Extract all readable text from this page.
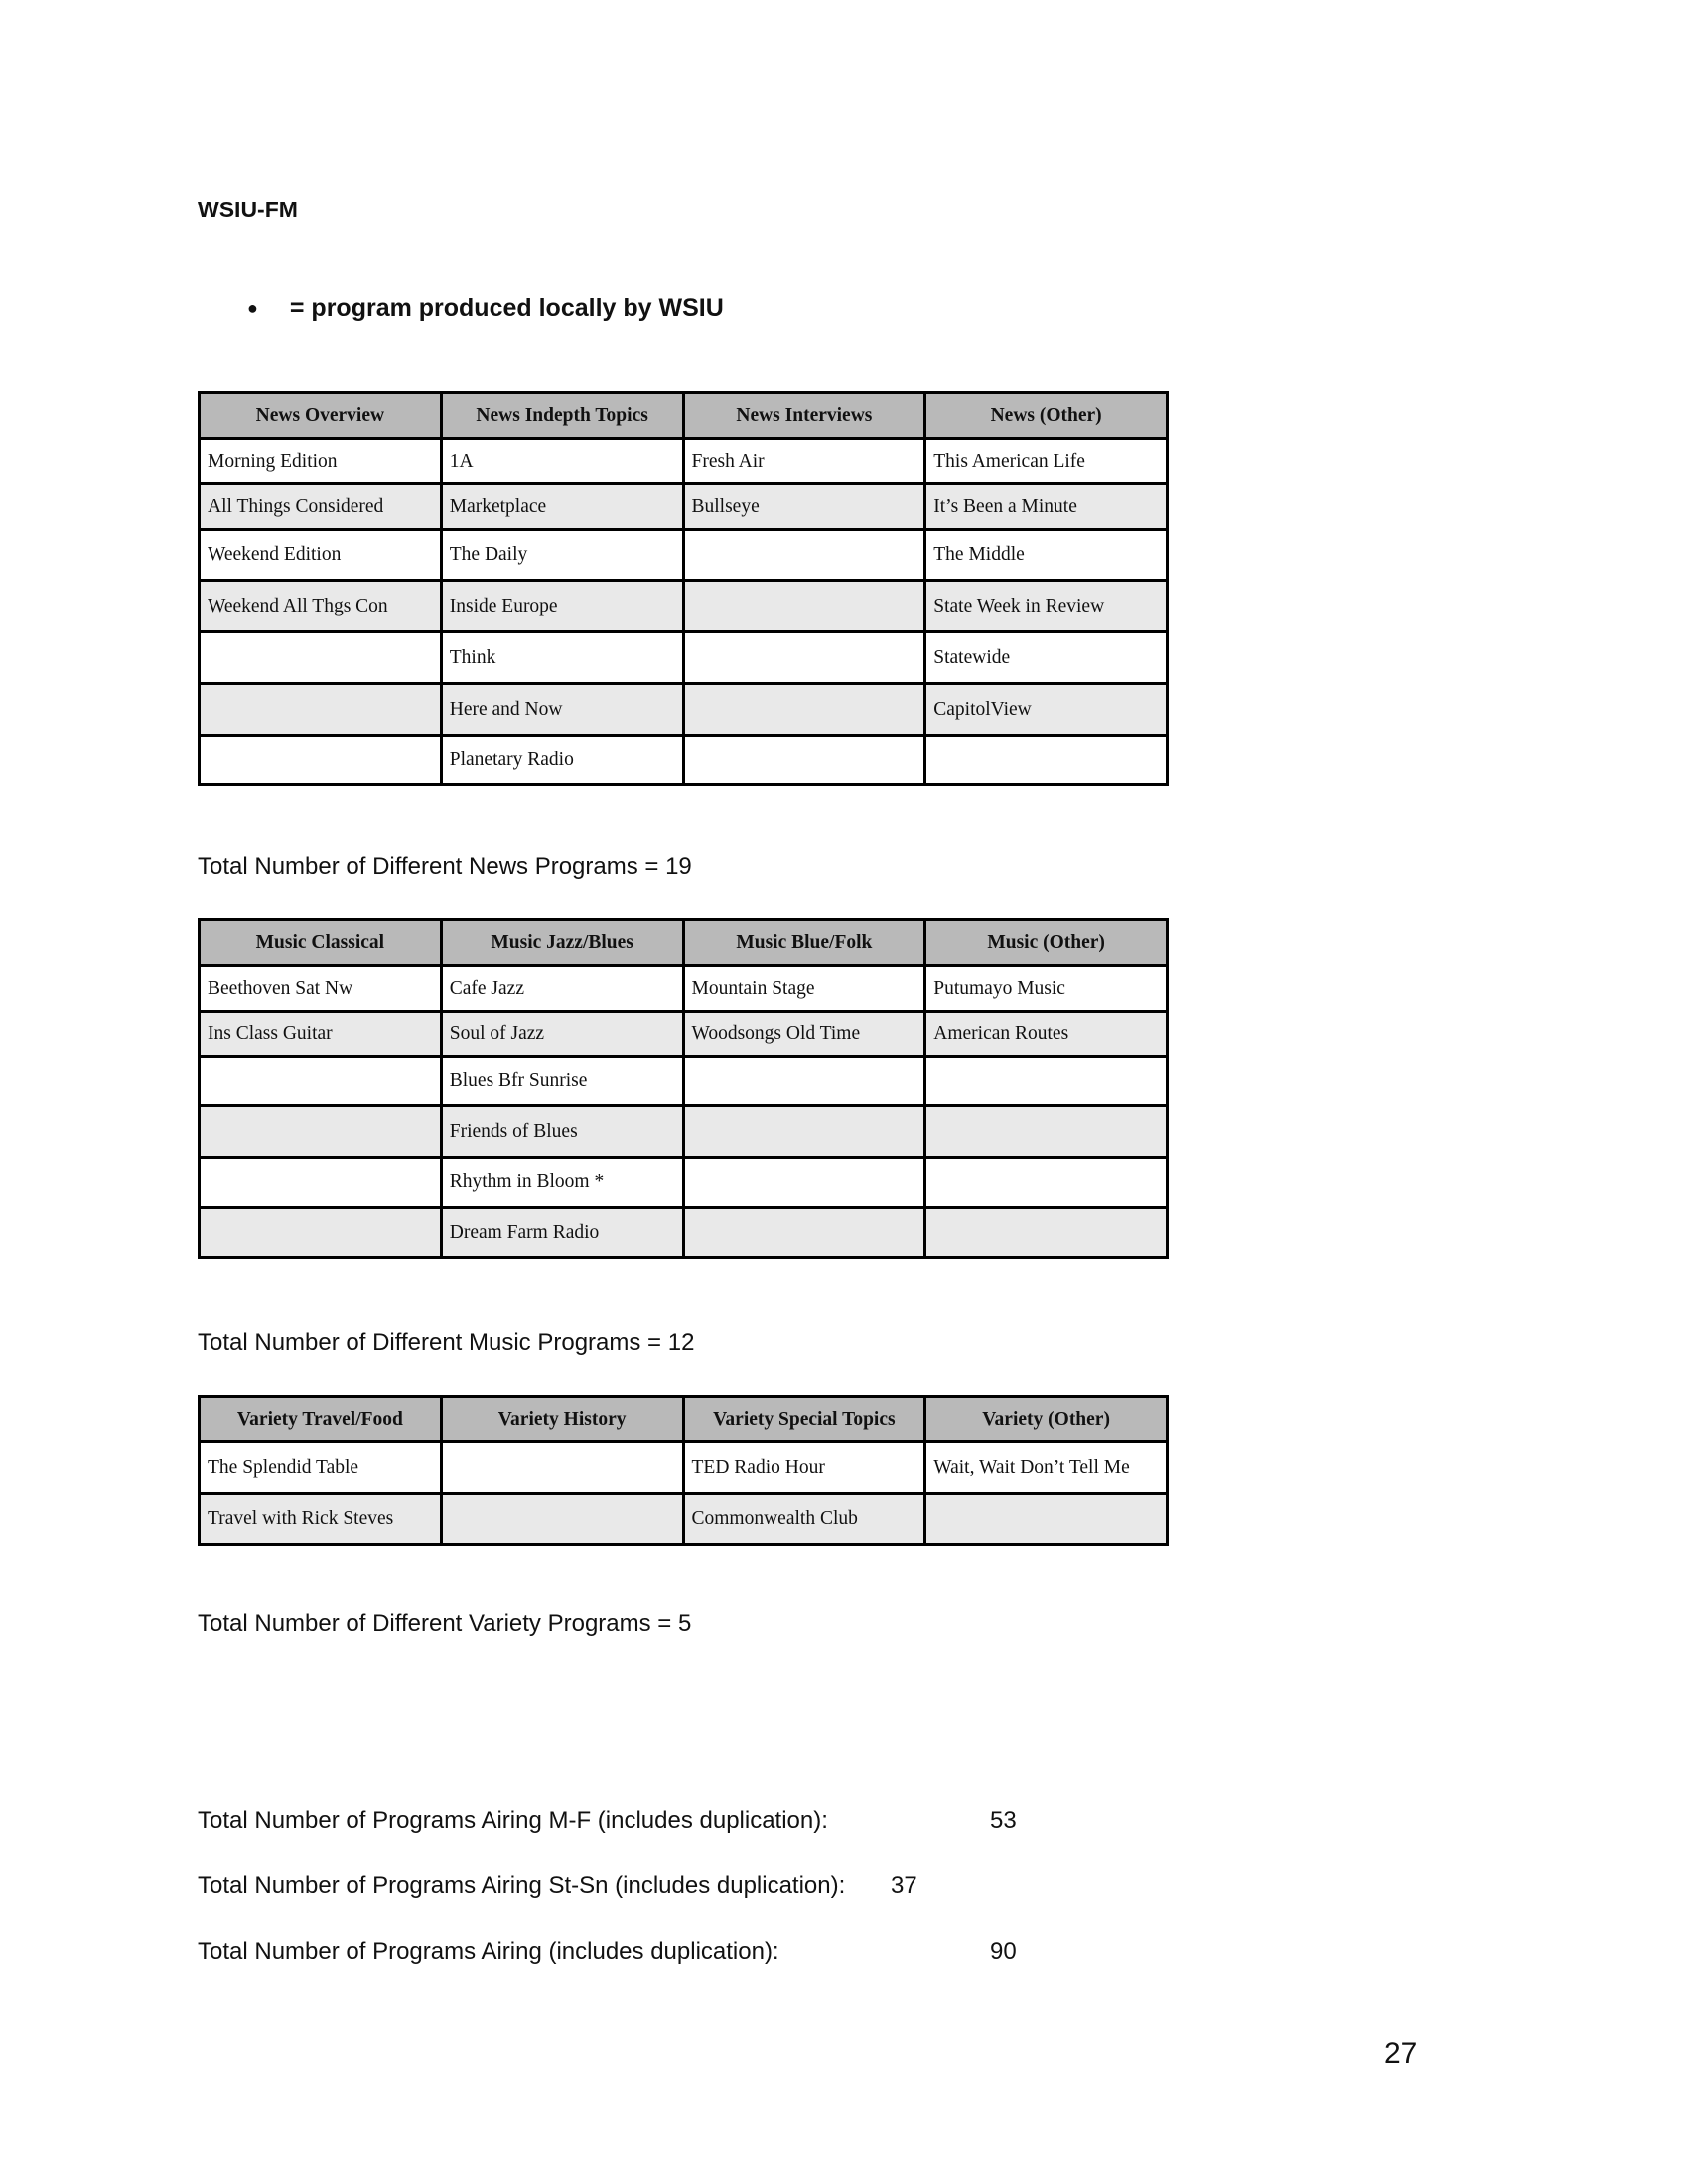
WSIU-FM
● = program produced locally by WSIU
News Overview	News Indepth Topics	News Interviews	News (Other)
Morning Edition	1A	Fresh Air	This American Life
All Things Considered	Marketplace	Bullseye	It’s Been a Minute
Weekend Edition	The Daily		The Middle
Weekend All Thgs Con	Inside Europe		State Week in Review
	Think		Statewide
	Here and Now		CapitolView
	Planetary Radio		
Total Number of Different News Programs = 19
Music Classical	Music Jazz/Blues	Music Blue/Folk	Music (Other)
Beethoven Sat Nw	Cafe Jazz	Mountain Stage	Putumayo Music
Ins Class Guitar	Soul of Jazz	Woodsongs Old Time	American Routes
	Blues Bfr Sunrise		
	Friends of Blues		
	Rhythm in Bloom *		
	Dream Farm Radio		
Total Number of Different Music Programs = 12
Variety Travel/Food	Variety History	Variety Special Topics	Variety (Other)
The Splendid Table		TED Radio Hour	Wait, Wait Don’t Tell Me
Travel with Rick Steves		Commonwealth Club	
Total Number of Different Variety Programs = 5
Total Number of Programs Airing M-F (includes duplication):	53
Total Number of Programs Airing St-Sn (includes duplication): 37
Total Number of Programs Airing (includes duplication):	90
27
